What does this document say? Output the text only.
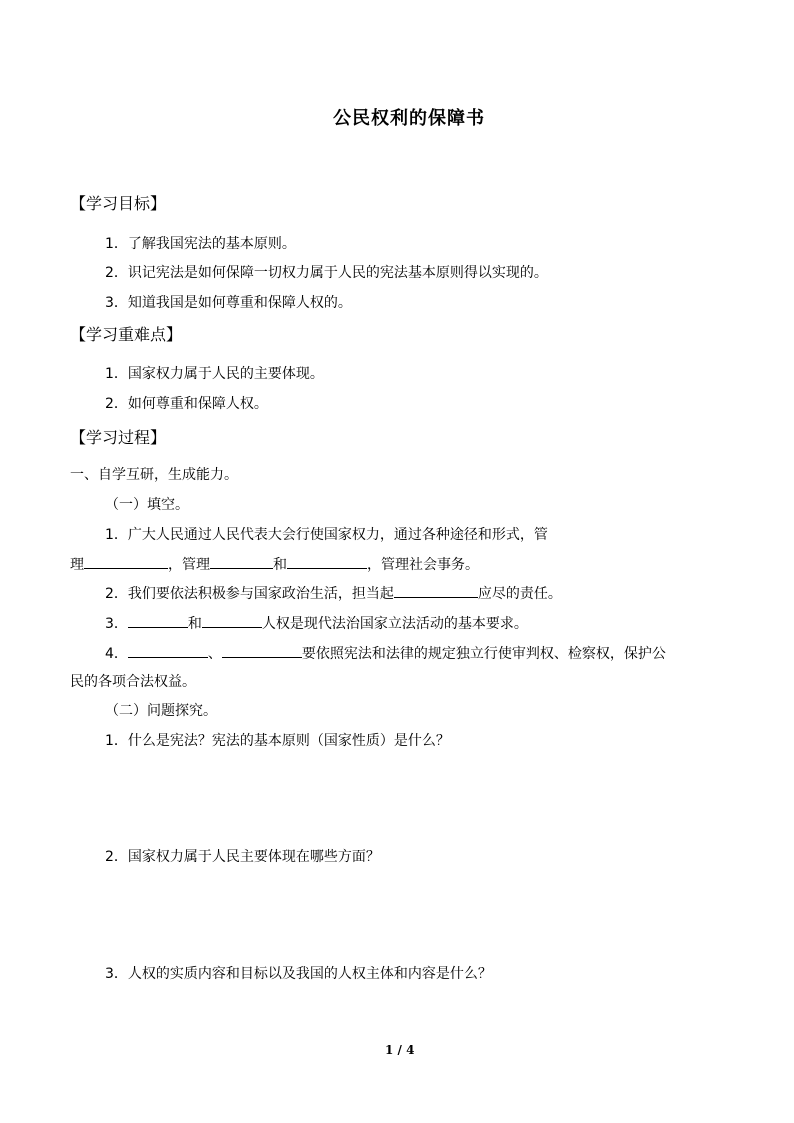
公民权利的保障书
【学习目标】
1．了解我国宪法的基本原则。
2．识记宪法是如何保障一切权力属于人民的宪法基本原则得以实现的。
3．知道我国是如何尊重和保障人权的。
【学习重难点】
1．国家权力属于人民的主要体现。
2．如何尊重和保障人权。
【学习过程】
一、自学互研，生成能力。
（一）填空。
1．广大人民通过人民代表大会行使国家权力，通过各种途径和形式，管
理	，管理	和	，管理社会事务。
2．我们要依法积极参与国家政治生活，担当起	应尽的责任。
3．	和	人权是现代法治国家立法活动的基本要求。
4．	、	要依照宪法和法律的规定独立行使审判权、检察权，保护公
民的各项合法权益。
（二）问题探究。
1．什么是宪法？宪法的基本原则（国家性质）是什么？
2．国家权力属于人民主要体现在哪些方面？
3．人权的实质内容和目标以及我国的人权主体和内容是什么？
1 / 4
